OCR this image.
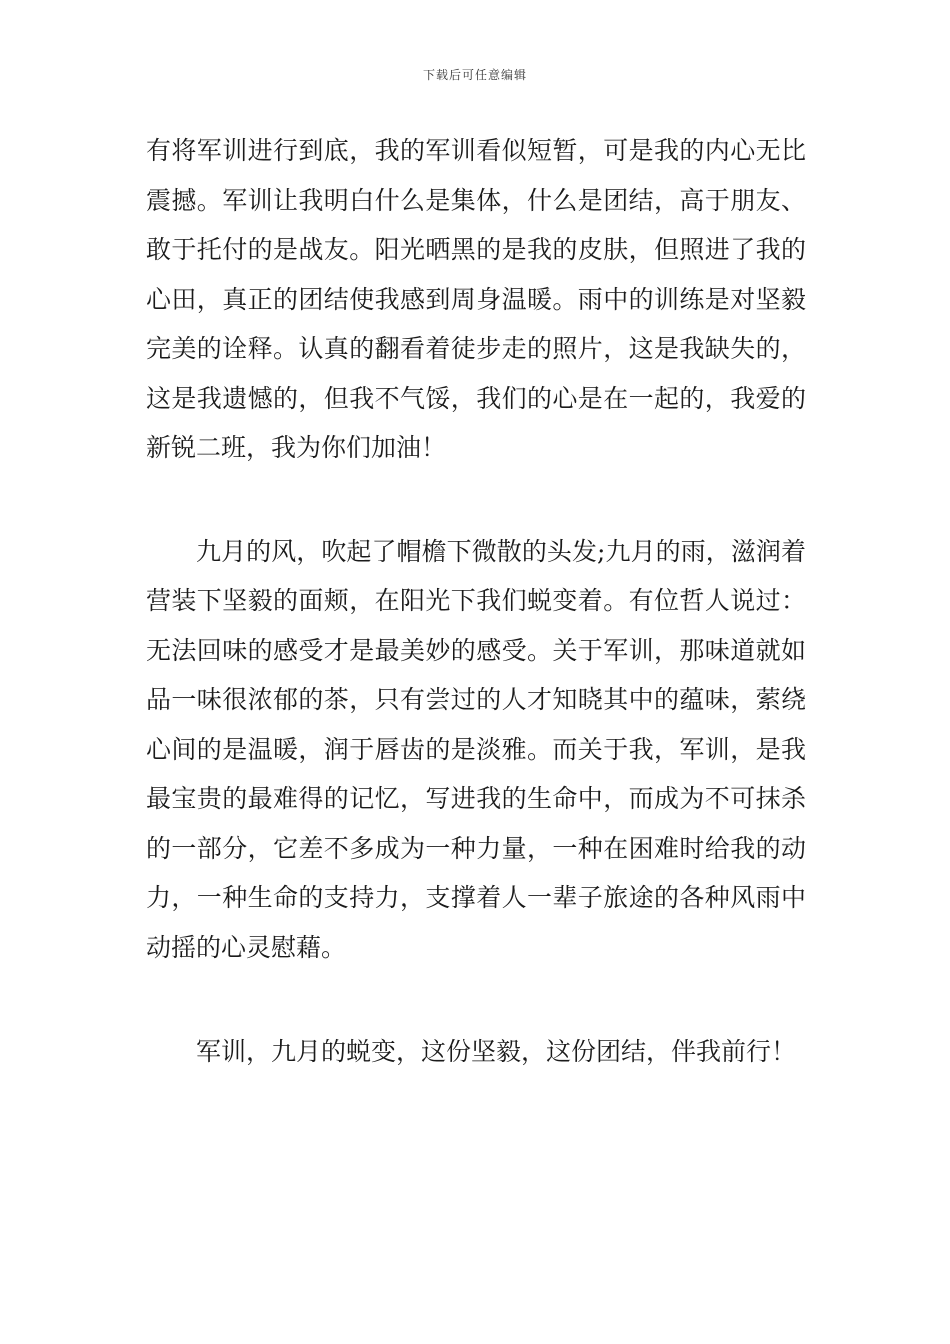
下载后可任意编辑

有将军训进行到底，我的军训看似短暂，可是我的内心无比震撼。军训让我明白什么是集体，什么是团结，高于朋友、敢于托付的是战友。阳光晒黑的是我的皮肤，但照进了我的心田，真正的团结使我感到周身温暖。雨中的训练是对坚毅完美的诠释。认真的翻看着徒步走的照片，这是我缺失的，这是我遗憾的，但我不气馁，我们的心是在一起的，我爱的新锐二班，我为你们加油！

九月的风，吹起了帽檐下微散的头发;九月的雨，滋润着营装下坚毅的面颊，在阳光下我们蜕变着。有位哲人说过：无法回味的感受才是最美妙的感受。关于军训，那味道就如品一味很浓郁的茶，只有尝过的人才知晓其中的蕴味，萦绕心间的是温暖，润于唇齿的是淡雅。而关于我，军训，是我最宝贵的最难得的记忆，写进我的生命中，而成为不可抹杀的一部分，它差不多成为一种力量，一种在困难时给我的动力，一种生命的支持力，支撑着人一辈子旅途的各种风雨中动摇的心灵慰藉。

军训，九月的蜕变，这份坚毅，这份团结，伴我前行！
